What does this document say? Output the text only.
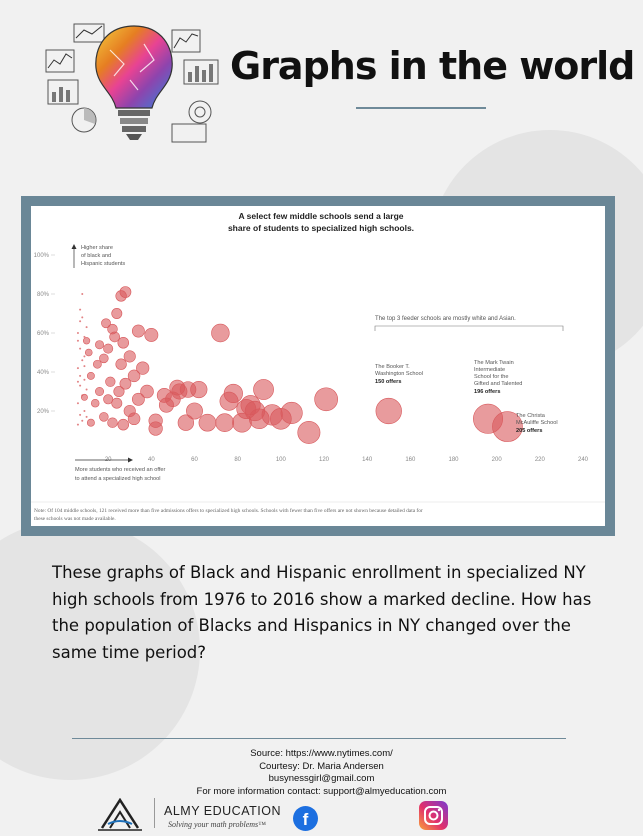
Graphs in the world
A select few middle schools send a large
share of students to specialized high schools.
20%
40%
60%
80%
100%
20	40	60	80	100	120	140	160	180	200	220	240
Higher share
of black and
Hispanic students
More students who received an offer
to attend a specialized high school
The top 3 feeder schools are mostly white and Asian.
The Booker T.
Washington School
150 offers
The Mark Twain
Intermediate
School for the
Gifted and Talented
196 offers
The Christa
McAuliffe School
205 offers
Note: Of 104 middle schools, 121 received more than five admissions offers to specialized high schools. Schools with fewer than five offers are not shown because detailed data for
these schools was not made available.
These graphs of Black and Hispanic enrollment in specialized NY high schools from 1976 to 2016 show a marked decline. How has the population of Blacks and Hispanics in NY changed over the same time period?
Source: https://www.nytimes.com/
Courtesy: Dr. Maria Andersen
busynessgirl@gmail.com
For more information contact: support@almyeducation.com
ALMY EDUCATION
Solving your math problems™	f
